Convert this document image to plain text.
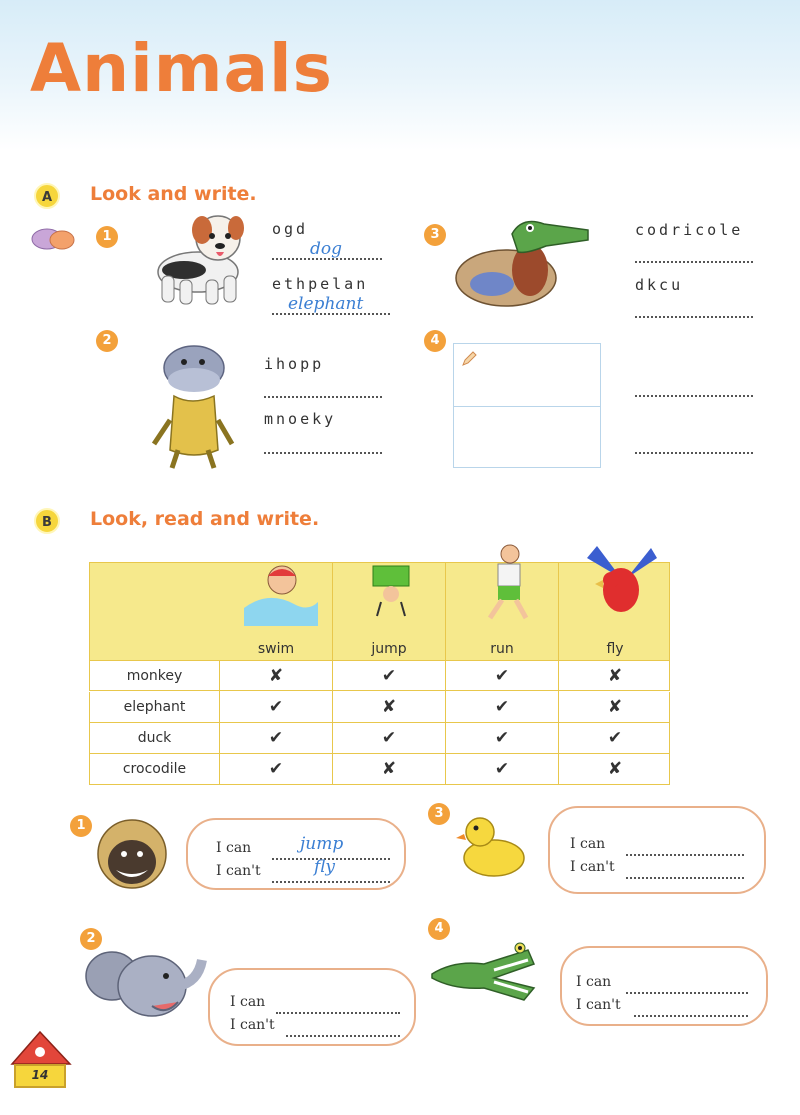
Animals
A	Look and write.
1	ogd
dog
ethpelan
elephant
2
ihopp
mnoeky
3	codricole
dkcu
4
B	Look, read and write.
swim	jump	run	fly
monkey	✘	✔	✔	✘
elephant	✔	✘	✔	✘
duck	✔	✔	✔	✔
crocodile	✔	✘	✔	✘
1
I can	jump
I can't	fly
3
I can
I can't
2
I can
I can't
4
I can
I can't
14
